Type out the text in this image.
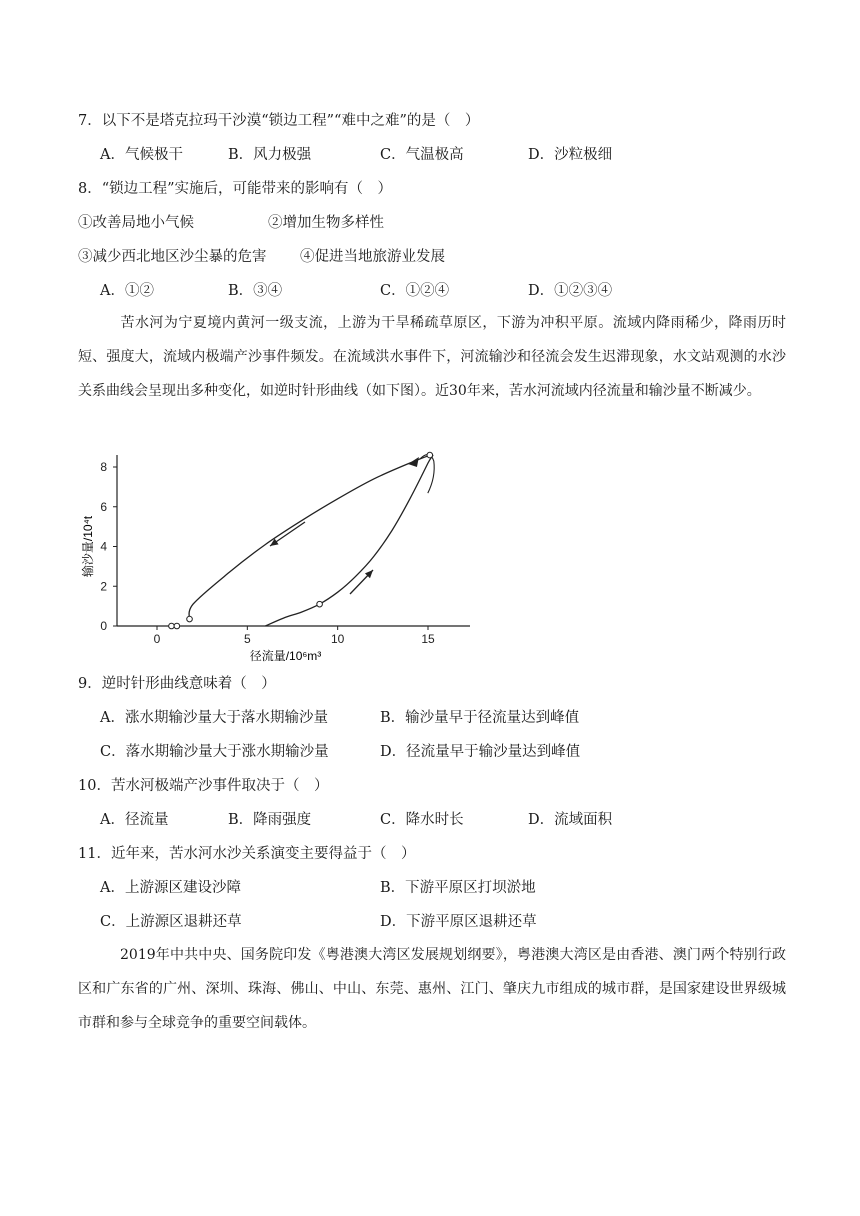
7．以下不是塔克拉玛干沙漠“锁边工程”“难中之难”的是（　）
A．气候极干	B．风力极强	C．气温极高	D．沙粒极细
8．“锁边工程”实施后，可能带来的影响有（　）
①改善局地小气候	②增加生物多样性
③减少西北地区沙尘暴的危害 ④促进当地旅游业发展
A．①②	B．③④	C．①②④	D．①②③④
苦水河为宁夏境内黄河一级支流，上游为干旱稀疏草原区，下游为冲积平原。流域内降雨稀少，降雨历时短、强度大，流域内极端产沙事件频发。在流域洪水事件下，河流输沙和径流会发生迟滞现象，水文站观测的水沙关系曲线会呈现出多种变化，如逆时针形曲线（如下图）。近30年来，苦水河流域内径流量和输沙量不断减少。
0	5	10	15
0
2
4
6
8
径流量/10⁶m³
输沙量/10⁴t
9．逆时针形曲线意味着（　）
A．涨水期输沙量大于落水期输沙量	B．输沙量早于径流量达到峰值
C．落水期输沙量大于涨水期输沙量	D．径流量早于输沙量达到峰值
10．苦水河极端产沙事件取决于（　）
A．径流量	B．降雨强度	C．降水时长	D．流域面积
11．近年来，苦水河水沙关系演变主要得益于（　）
A．上游源区建设沙障	B．下游平原区打坝淤地
C．上游源区退耕还草	D．下游平原区退耕还草
2019年中共中央、国务院印发《粤港澳大湾区发展规划纲要》，粤港澳大湾区是由香港、澳门两个特别行政区和广东省的广州、深圳、珠海、佛山、中山、东莞、惠州、江门、肇庆九市组成的城市群，是国家建设世界级城市群和参与全球竞争的重要空间载体。
